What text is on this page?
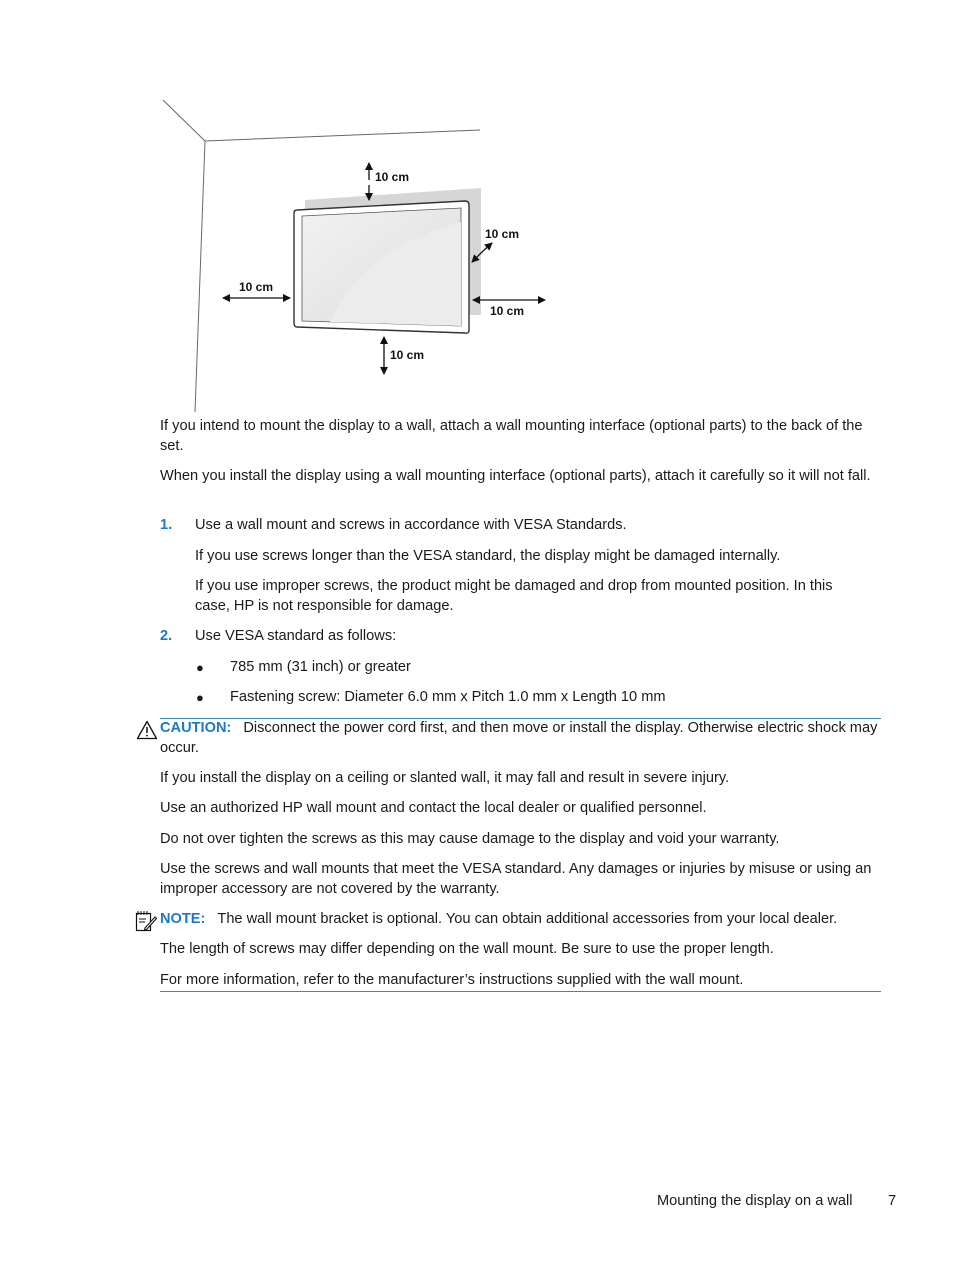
10 cm
10 cm
10 cm
10 cm
10 cm
If you intend to mount the display to a wall, attach a wall mounting interface (optional parts) to the back of the set.
When you install the display using a wall mounting interface (optional parts), attach it carefully so it will not fall.
1. Use a wall mount and screws in accordance with VESA Standards.
If you use screws longer than the VESA standard, the display might be damaged internally.
If you use improper screws, the product might be damaged and drop from mounted position. In this case, HP is not responsible for damage.
2. Use VESA standard as follows:
● 785 mm (31 inch) or greater
● Fastening screw: Diameter 6.0 mm x Pitch 1.0 mm x Length 10 mm
CAUTION: Disconnect the power cord first, and then move or install the display. Otherwise electric shock may occur.
If you install the display on a ceiling or slanted wall, it may fall and result in severe injury.
Use an authorized HP wall mount and contact the local dealer or qualified personnel.
Do not over tighten the screws as this may cause damage to the display and void your warranty.
Use the screws and wall mounts that meet the VESA standard. Any damages or injuries by misuse or using an improper accessory are not covered by the warranty.
NOTE: The wall mount bracket is optional. You can obtain additional accessories from your local dealer.
The length of screws may differ depending on the wall mount. Be sure to use the proper length.
For more information, refer to the manufacturer’s instructions supplied with the wall mount.
Mounting the display on a wall 7
